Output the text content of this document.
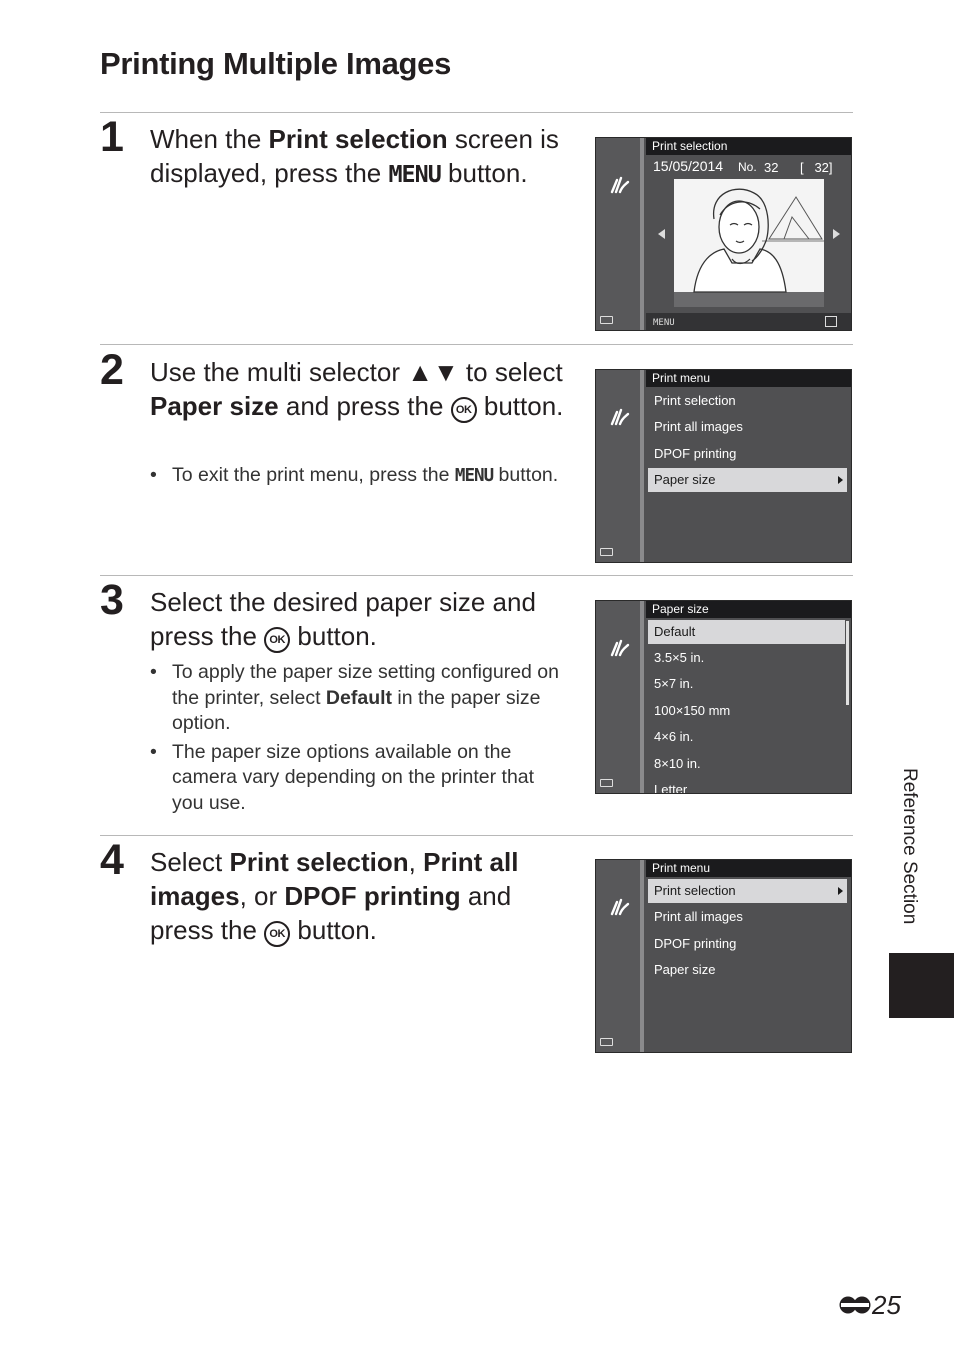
Printing Multiple Images
1 When the Print selection screen is displayed, press the MENU button.
Print selection
15/05/2014 No. 32 [   32]
MENU
2 Use the multi selector ▲▼ to select Paper size and press the OK button.
• To exit the print menu, press the MENU button.
Print menu
Print selection
Print all images
DPOF printing
Paper size
3 Select the desired paper size and press the OK button.
• To apply the paper size setting configured on the printer, select Default in the paper size option.
• The paper size options available on the camera vary depending on the printer that you use.
Paper size
Default
3.5×5 in.
5×7 in.
100×150 mm
4×6 in.
8×10 in.
Letter
4 Select Print selection, Print all images, or DPOF printing and press the OK button.
Print menu
Print selection
Print all images
DPOF printing
Paper size
Reference Section
25
